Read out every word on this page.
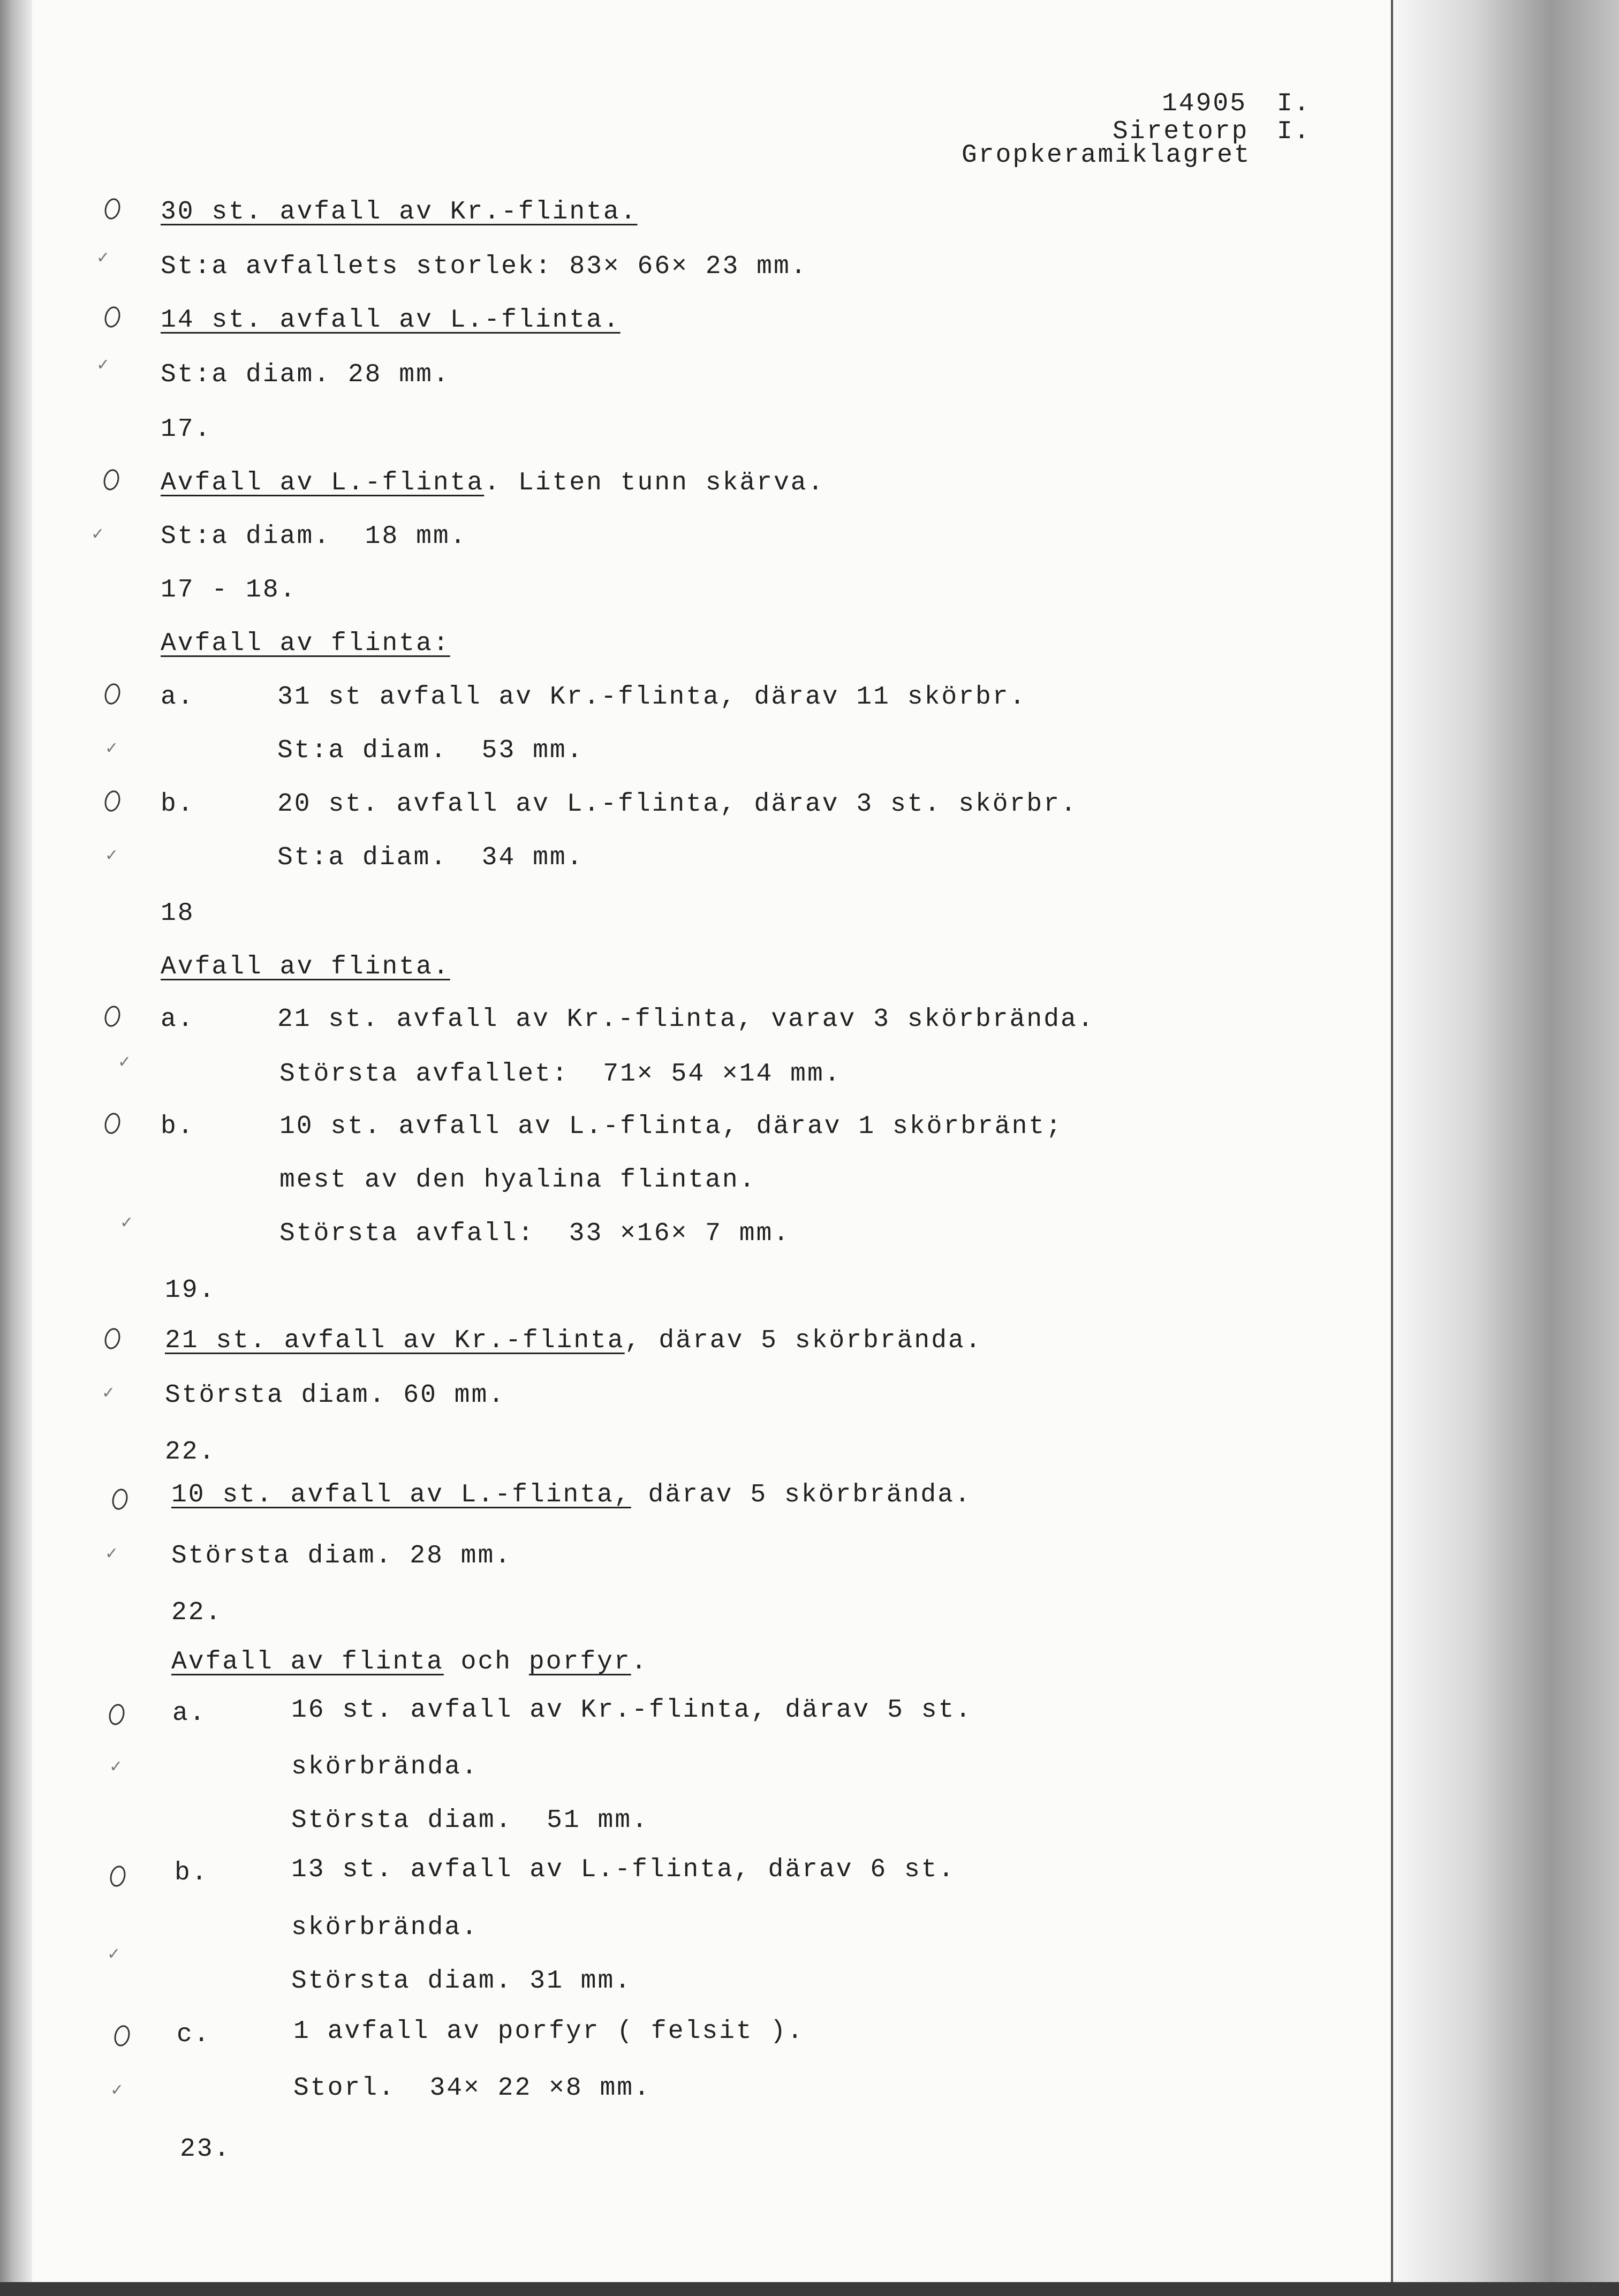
14905 I.
Siretorp I.
Gropkeramiklagret
30 st. avfall av Kr.-flinta.
St:a avfallets storlek: 83× 66× 23 mm.
14 st. avfall av L.-flinta.
St:a diam. 28 mm.
17.
Avfall av L.-flinta. Liten tunn skärva.
St:a diam.  18 mm.
17 - 18.
Avfall av flinta:
a.	31 st avfall av Kr.-flinta, därav 11 skörbr.
St:a diam.  53 mm.
b.	20 st. avfall av L.-flinta, därav 3 st. skörbr.
St:a diam.  34 mm.
18
Avfall av flinta.
a.	21 st. avfall av Kr.-flinta, varav 3 skörbrända.
Största avfallet:  71× 54 ×14 mm.
b.	10 st. avfall av L.-flinta, därav 1 skörbränt;
mest av den hyalina flintan.
Största avfall:  33 ×16× 7 mm.
19.
21 st. avfall av Kr.-flinta, därav 5 skörbrända.
Största diam. 60 mm.
22.
10 st. avfall av L.-flinta, därav 5 skörbrända.
Största diam. 28 mm.
22.
Avfall av flinta och porfyr.
a.	16 st. avfall av Kr.-flinta, därav 5 st.
skörbrända.
Största diam.  51 mm.
b.	13 st. avfall av L.-flinta, därav 6 st.
skörbrända.
Största diam. 31 mm.
c.	1 avfall av porfyr ( felsit ).
Storl.  34× 22 ×8 mm.
23.
✓
✓
✓
✓
✓
✓
✓
✓
✓
✓
✓
✓
